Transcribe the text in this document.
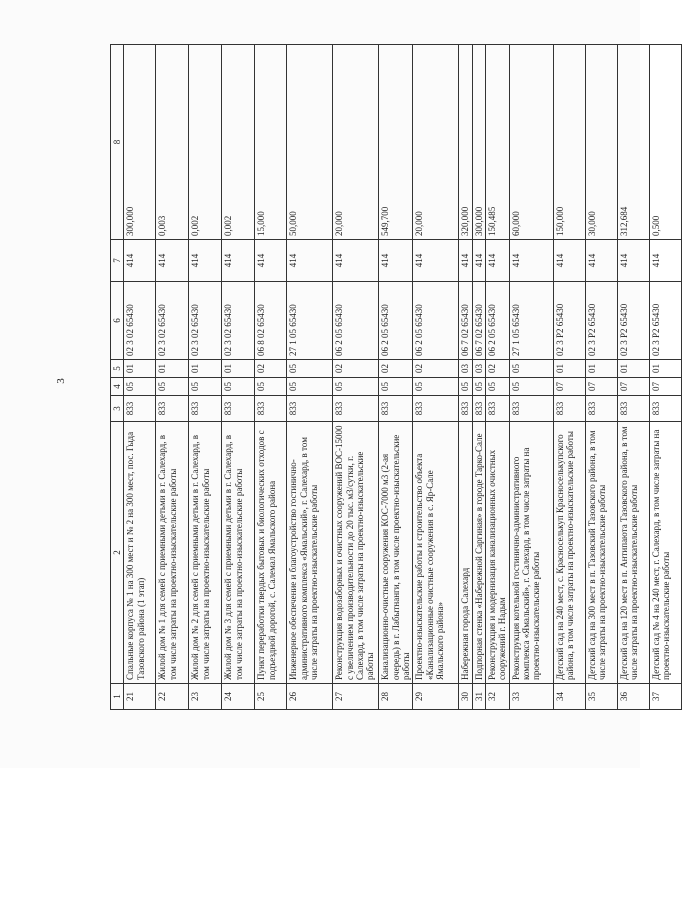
3
1	2	3	4	5	6	7	8
21	Спальные корпуса № 1 на 300 мест и № 2 на 300 мест, пос. Гыда Тазовского района (1 этап)	833	05	01	02 3 02 65430	414	300,000
22	Жилой дом № 1 для семей с приемными детьми в г. Салехард, в том числе затраты на проектно-изыскательские работы	833	05	01	02 3 02 65430	414	0,003
23	Жилой дом № 2 для семей с приемными детьми в г. Салехард, в том числе затраты на проектно-изыскательские работы	833	05	01	02 3 02 65430	414	0,002
24	Жилой дом № 3 для семей с приемными детьми в г. Салехард, в том числе затраты на проектно-изыскательские работы	833	05	01	02 3 02 65430	414	0,002
25	Пункт переработки твердых бытовых и биологических отходов с подъездной дорогой, с. Салемал Ямальского района	833	05	02	06 8 02 65430	414	15,000
26	Инженерное обеспечение и благоустройство гостинично-административного комплекса «Ямальский», г. Салехард, в том числе затраты на проектно-изыскательские работы	833	05	05	27 1 05 65430	414	50,000
27	Реконструкция водозаборных и очистных сооружений ВОС-15000 с увеличением производительности до 20 тыс. м3/сутки, г. Салехард, в том числе затраты на проектно-изыскательские работы	833	05	02	06 2 05 65430	414	20,000
28	Канализационно-очистные сооружения КОС-7000 м3 (2-ая очередь) в г. Лабытнанги, в том числе проектно-изыскательские работы	833	05	02	06 2 05 65430	414	549,700
29	Проектно-изыскательские работы и строительство объекта «Канализационные очистные сооружения в с. Яр-Сале Ямальского района»	833	05	02	06 2 05 65430	414	20,000
30	Набережная города Салехард	833	05	03	06 7 02 65430	414	320,000
31	Подпорная стенка «Набережной Саргиная» в городе Тарко-Сале	833	05	03	06 7 02 65430	414	300,000
32	Реконструкция и модернизация канализационных очистных сооружений г. Надым	833	05	02	06 2 05 65430	414	150,485
33	Реконструкция котельной гостинично-административного комплекса «Ямальский», г. Салехард, в том числе затраты на проектно-изыскательские работы	833	05	05	27 1 05 65430	414	60,000
34	Детский сад на 240 мест, с. Красноселькуп Красноселькупского района, в том числе затраты на проектно-изыскательские работы	833	07	01	02 3 Р2 65430	414	150,000
35	Детский сад на 300 мест в п. Тазовский Тазовского района, в том числе затраты на проектно-изыскательские работы	833	07	01	02 3 Р2 65430	414	30,000
36	Детский сад на 120 мест в п. Антипаюта Тазовского района, в том числе затраты на проектно-изыскательские работы	833	07	01	02 3 Р2 65430	414	312,684
37	Детский сад № 4 на 240 мест, г. Салехард, в том числе затраты на проектно-изыскательские работы	833	07	01	02 3 Р2 65430	414	0,500
